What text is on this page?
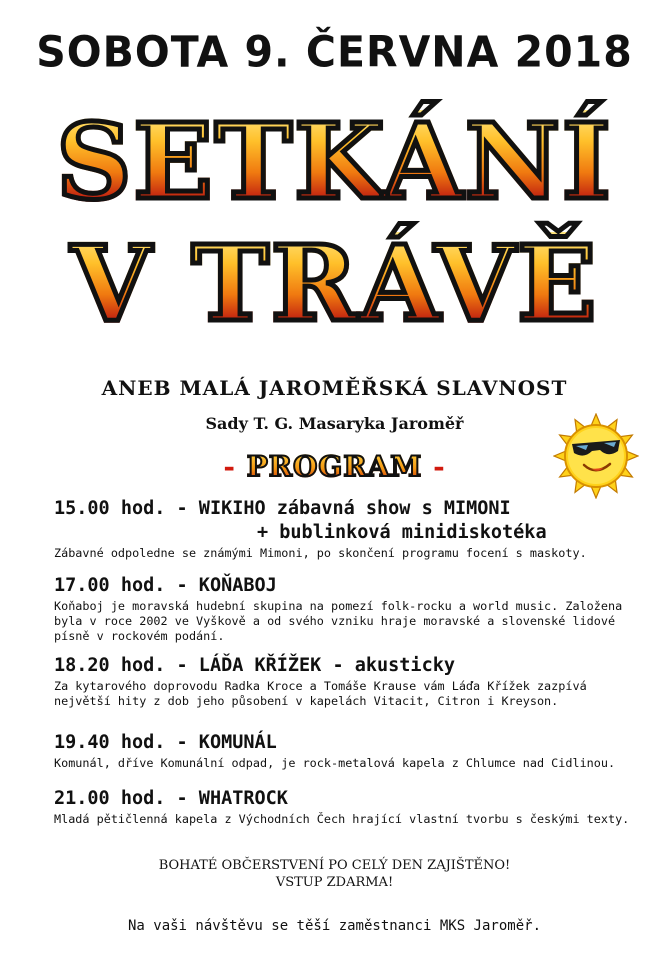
SOBOTA 9. ČERVNA 2018
SETKÁNÍ
V TRÁVĚ
ANEB MALÁ JAROMĚŘSKÁ SLAVNOST
Sady T. G. Masaryka Jaroměř
- PROGRAM -
15.00 hod. - WIKIHO zábavná show s MIMONI
+ bublinková minidiskotéka
Zábavné odpoledne se známými Mimoni, po skončení programu focení s maskoty.
17.00 hod. - KOŇABOJ
Koňaboj je moravská hudební skupina na pomezí folk-rocku a world music. Založena
byla v roce 2002 ve Vyškově a od svého vzniku hraje moravské a slovenské lidové
písně v rockovém podání.
18.20 hod. - LÁĎA KŘÍŽEK - akusticky
Za kytarového doprovodu Radka Kroce a Tomáše Krause vám Láďa Křížek zazpívá
největší hity z dob jeho působení v kapelách Vitacit, Citron i Kreyson.
19.40 hod. - KOMUNÁL
Komunál, dříve Komunální odpad, je rock-metalová kapela z Chlumce nad Cidlinou.
21.00 hod. - WHATROCK
Mladá pětičlenná kapela z Východních Čech hrající vlastní tvorbu s českými texty.
BOHATÉ OBČERSTVENÍ PO CELÝ DEN ZAJIŠTĚNO!
VSTUP ZDARMA!
Na vaši návštěvu se těší zaměstnanci MKS Jaroměř.
